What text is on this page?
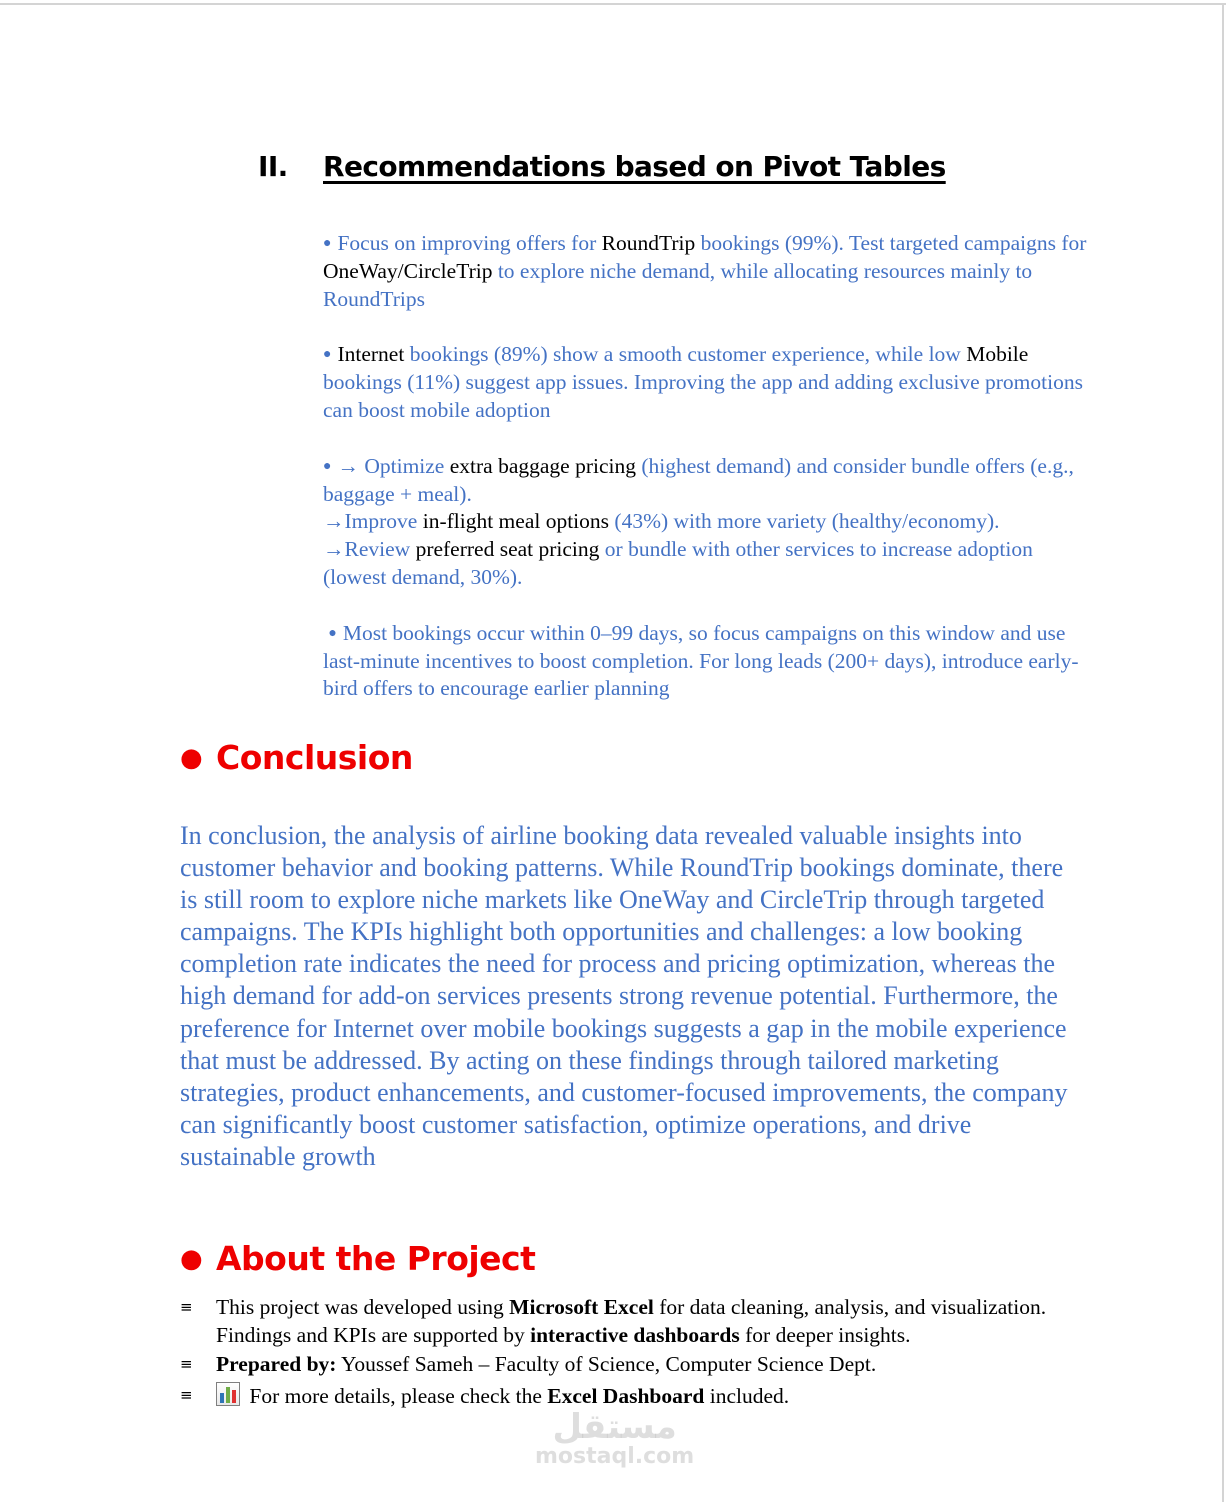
II. Recommendations based on Pivot Tables
● Focus on improving offers for RoundTrip bookings (99%). Test targeted campaigns for OneWay/CircleTrip to explore niche demand, while allocating resources mainly to RoundTrips
● Internet bookings (89%) show a smooth customer experience, while low Mobile bookings (11%) suggest app issues. Improving the app and adding exclusive promotions can boost mobile adoption
● → Optimize extra baggage pricing (highest demand) and consider bundle offers (e.g., baggage + meal).
→Improve in-flight meal options (43%) with more variety (healthy/economy).
→Review preferred seat pricing or bundle with other services to increase adoption (lowest demand, 30%).
● Most bookings occur within 0–99 days, so focus campaigns on this window and use last-minute incentives to boost completion. For long leads (200+ days), introduce early-bird offers to encourage earlier planning
● Conclusion
In conclusion, the analysis of airline booking data revealed valuable insights into customer behavior and booking patterns. While RoundTrip bookings dominate, there is still room to explore niche markets like OneWay and CircleTrip through targeted campaigns. The KPIs highlight both opportunities and challenges: a low booking completion rate indicates the need for process and pricing optimization, whereas the high demand for add-on services presents strong revenue potential. Furthermore, the preference for Internet over mobile bookings suggests a gap in the mobile experience that must be addressed. By acting on these findings through tailored marketing strategies, product enhancements, and customer-focused improvements, the company can significantly boost customer satisfaction, optimize operations, and drive sustainable growth
● About the Project
≡ This project was developed using Microsoft Excel for data cleaning, analysis, and visualization.
Findings and KPIs are supported by interactive dashboards for deeper insights.
≡ Prepared by: Youssef Sameh – Faculty of Science, Computer Science Dept.
≡ For more details, please check the Excel Dashboard included.
مستقل
mostaql.com
